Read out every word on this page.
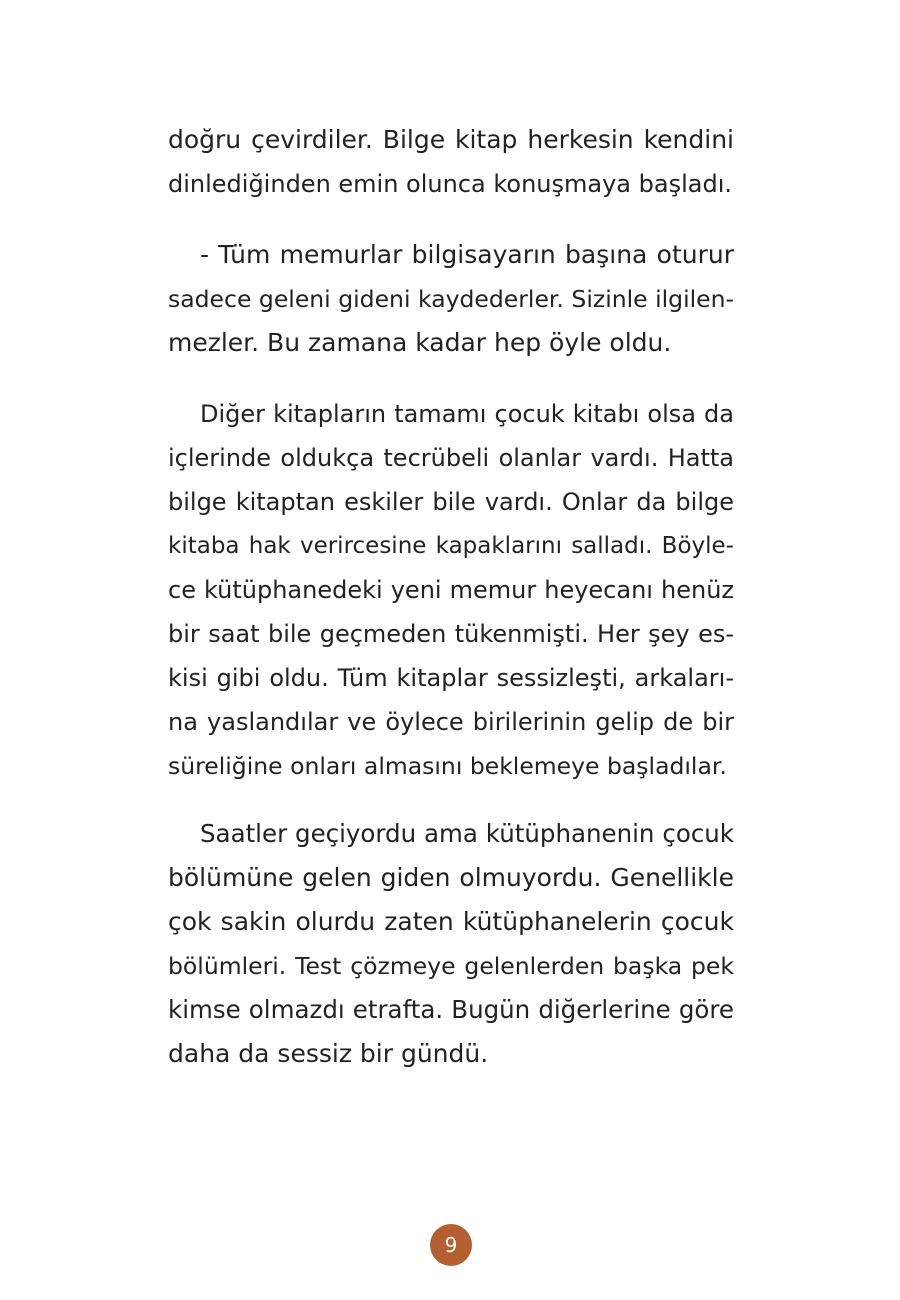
doğru çevirdiler. Bilge kitap herkesin kendini
dinlediğinden emin olunca konuşmaya başladı.
- Tüm memurlar bilgisayarın başına oturur
sadece geleni gideni kaydederler. Sizinle ilgilen-
mezler. Bu zamana kadar hep öyle oldu.
Diğer kitapların tamamı çocuk kitabı olsa da
içlerinde oldukça tecrübeli olanlar vardı. Hatta
bilge kitaptan eskiler bile vardı. Onlar da bilge
kitaba hak verircesine kapaklarını salladı. Böyle-
ce kütüphanedeki yeni memur heyecanı henüz
bir saat bile geçmeden tükenmişti. Her şey es-
kisi gibi oldu. Tüm kitaplar sessizleşti, arkaları-
na yaslandılar ve öylece birilerinin gelip de bir
süreliğine onları almasını beklemeye başladılar.
Saatler geçiyordu ama kütüphanenin çocuk
bölümüne gelen giden olmuyordu. Genellikle
çok sakin olurdu zaten kütüphanelerin çocuk
bölümleri. Test çözmeye gelenlerden başka pek
kimse olmazdı etrafta. Bugün diğerlerine göre
daha da sessiz bir gündü.
9
